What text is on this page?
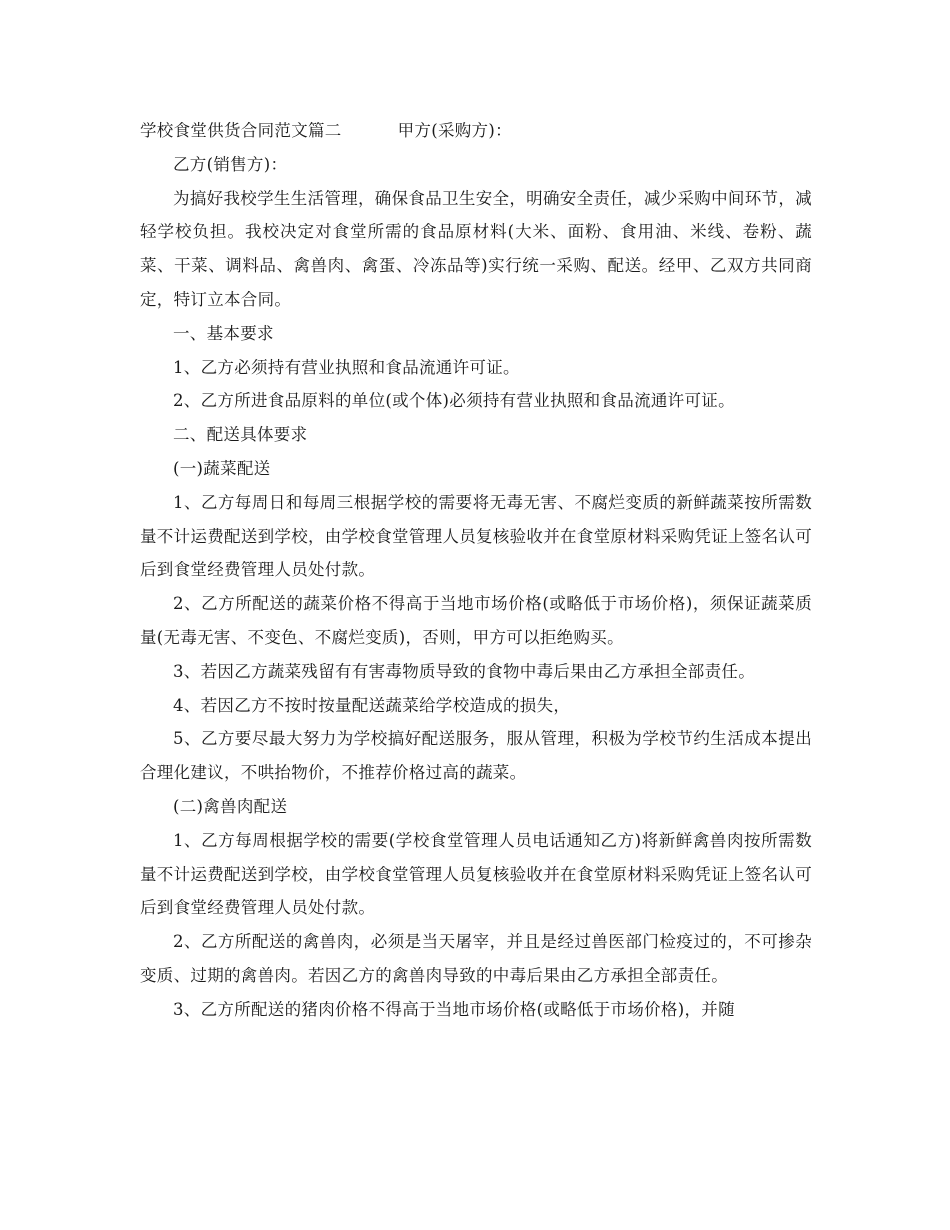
学校食堂供货合同范文篇二	甲方(采购方)：

乙方(销售方)：

为搞好我校学生生活管理，确保食品卫生安全，明确安全责任，减少采购中间环节，减轻学校负担。我校决定对食堂所需的食品原材料(大米、面粉、食用油、米线、卷粉、蔬菜、干菜、调料品、禽兽肉、禽蛋、冷冻品等)实行统一采购、配送。经甲、乙双方共同商定，特订立本合同。

一、基本要求

1、乙方必须持有营业执照和食品流通许可证。

2、乙方所进食品原料的单位(或个体)必须持有营业执照和食品流通许可证。

二、配送具体要求

(一)蔬菜配送

1、乙方每周日和每周三根据学校的需要将无毒无害、不腐烂变质的新鲜蔬菜按所需数量不计运费配送到学校，由学校食堂管理人员复核验收并在食堂原材料采购凭证上签名认可后到食堂经费管理人员处付款。

2、乙方所配送的蔬菜价格不得高于当地市场价格(或略低于市场价格)，须保证蔬菜质量(无毒无害、不变色、不腐烂变质)，否则，甲方可以拒绝购买。

3、若因乙方蔬菜残留有有害毒物质导致的食物中毒后果由乙方承担全部责任。

4、若因乙方不按时按量配送蔬菜给学校造成的损失，

5、乙方要尽最大努力为学校搞好配送服务，服从管理，积极为学校节约生活成本提出合理化建议，不哄抬物价，不推荐价格过高的蔬菜。

(二)禽兽肉配送

1、乙方每周根据学校的需要(学校食堂管理人员电话通知乙方)将新鲜禽兽肉按所需数量不计运费配送到学校，由学校食堂管理人员复核验收并在食堂原材料采购凭证上签名认可后到食堂经费管理人员处付款。

2、乙方所配送的禽兽肉，必须是当天屠宰，并且是经过兽医部门检疫过的，不可掺杂变质、过期的禽兽肉。若因乙方的禽兽肉导致的中毒后果由乙方承担全部责任。

3、乙方所配送的猪肉价格不得高于当地市场价格(或略低于市场价格)，并随
